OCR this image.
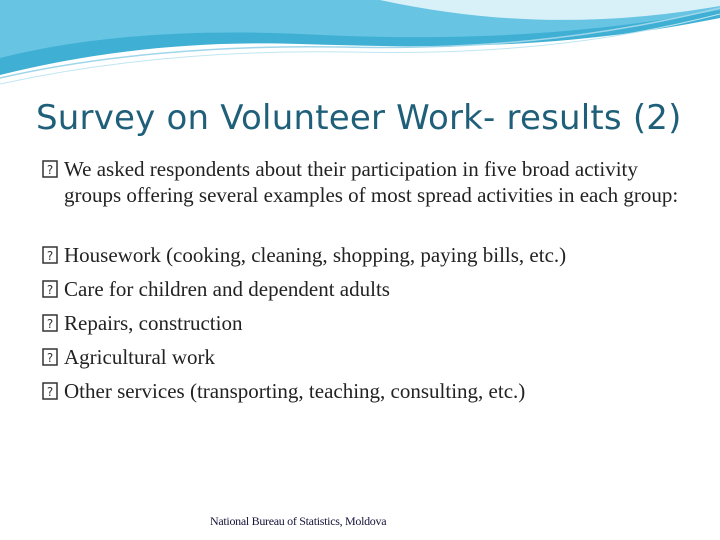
Survey on Volunteer Work- results (2)

? We asked respondents about their participation in five broad activity groups offering several examples of most spread activities in each group:

? Housework (cooking, cleaning, shopping, paying bills, etc.)

? Care for children and dependent adults

? Repairs, construction

? Agricultural work

? Other services (transporting, teaching, consulting, etc.)

National Bureau of Statistics, Moldova
